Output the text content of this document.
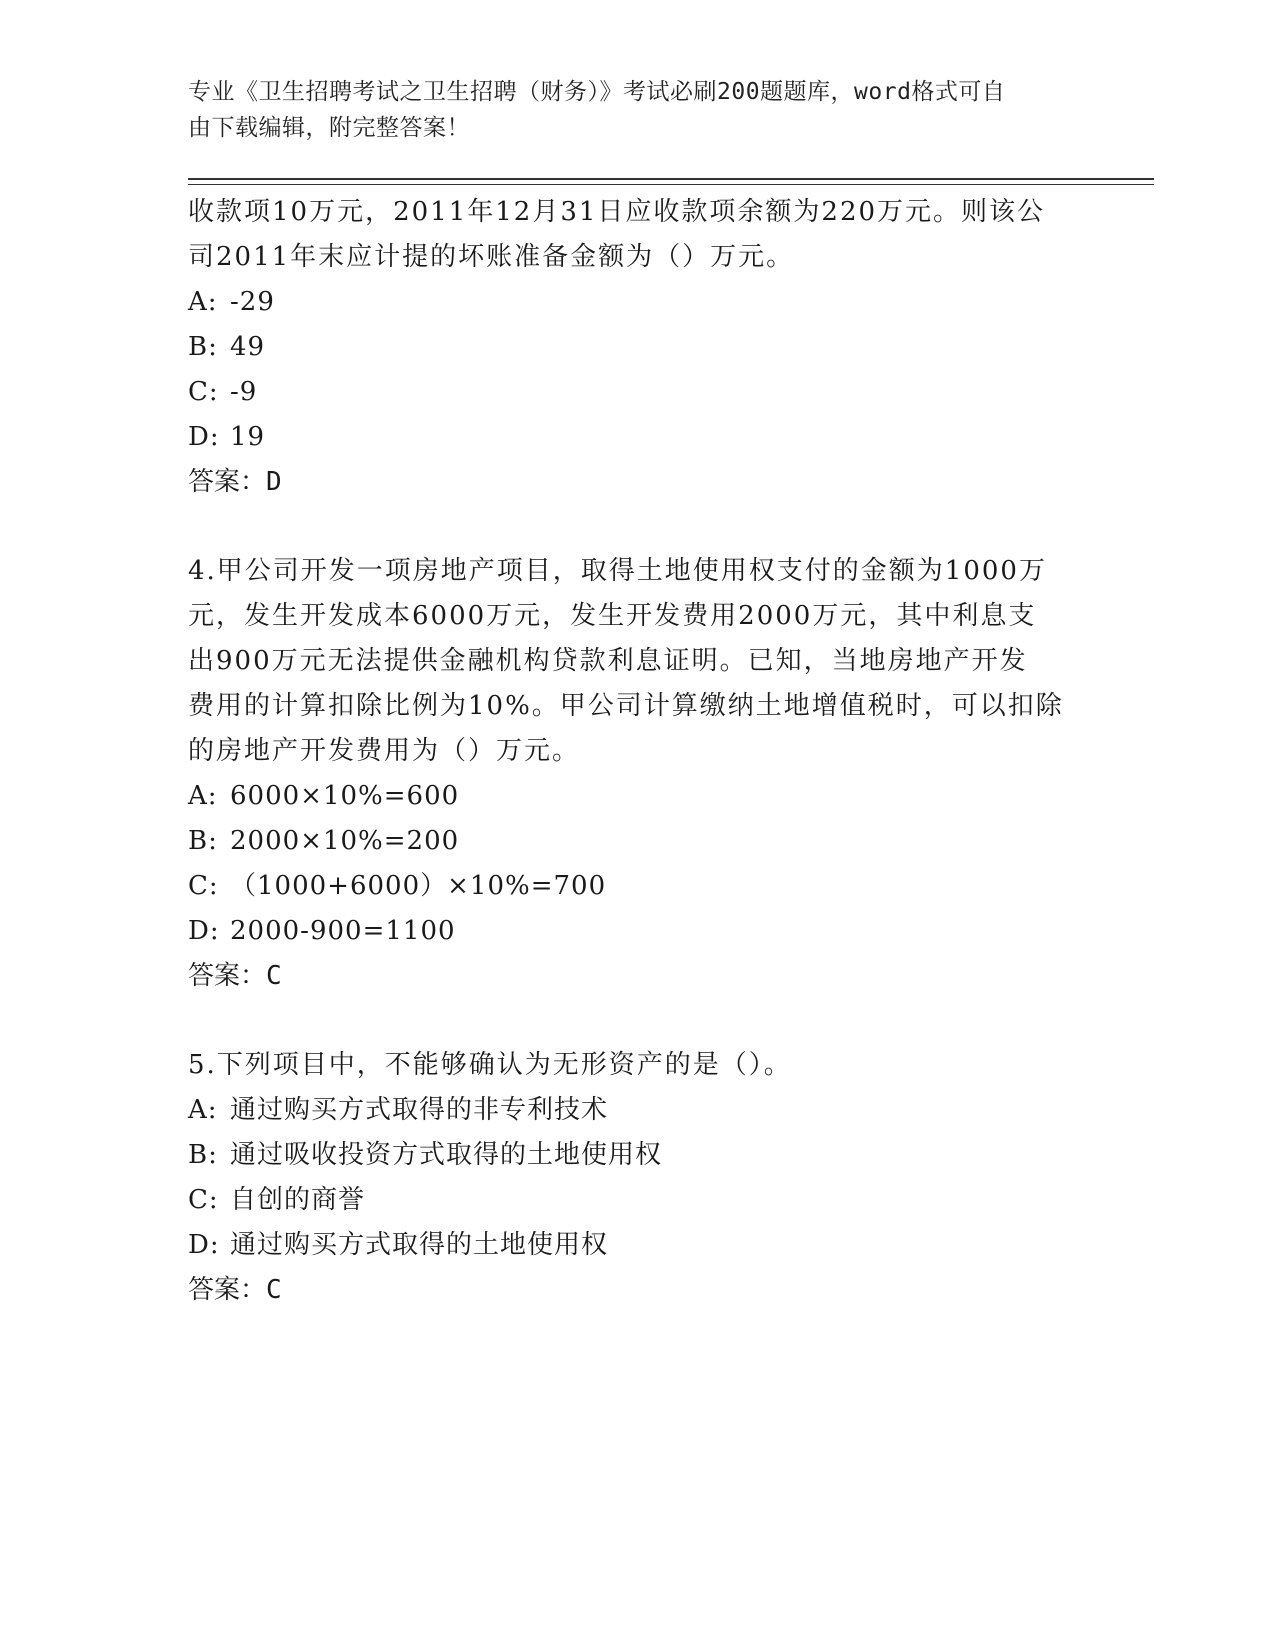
专业《卫生招聘考试之卫生招聘（财务）》考试必刷200题题库，word格式可自
由下载编辑，附完整答案！

收款项10万元，2011年12月31日应收款项余额为220万元。则该公

司2011年末应计提的坏账准备金额为（）万元。

A: -29

B: 49

C: -9

D: 19

答案：D

4.甲公司开发一项房地产项目，取得土地使用权支付的金额为1000万

元，发生开发成本6000万元，发生开发费用2000万元，其中利息支

出900万元无法提供金融机构贷款利息证明。已知，当地房地产开发

费用的计算扣除比例为10%。甲公司计算缴纳土地增值税时，可以扣除

的房地产开发费用为（）万元。

A: 6000×10%=600

B: 2000×10%=200

C: （1000+6000）×10%=700

D: 2000-900=1100

答案：C

5.下列项目中，不能够确认为无形资产的是（）。

A: 通过购买方式取得的非专利技术

B: 通过吸收投资方式取得的土地使用权

C: 自创的商誉

D: 通过购买方式取得的土地使用权

答案：C
